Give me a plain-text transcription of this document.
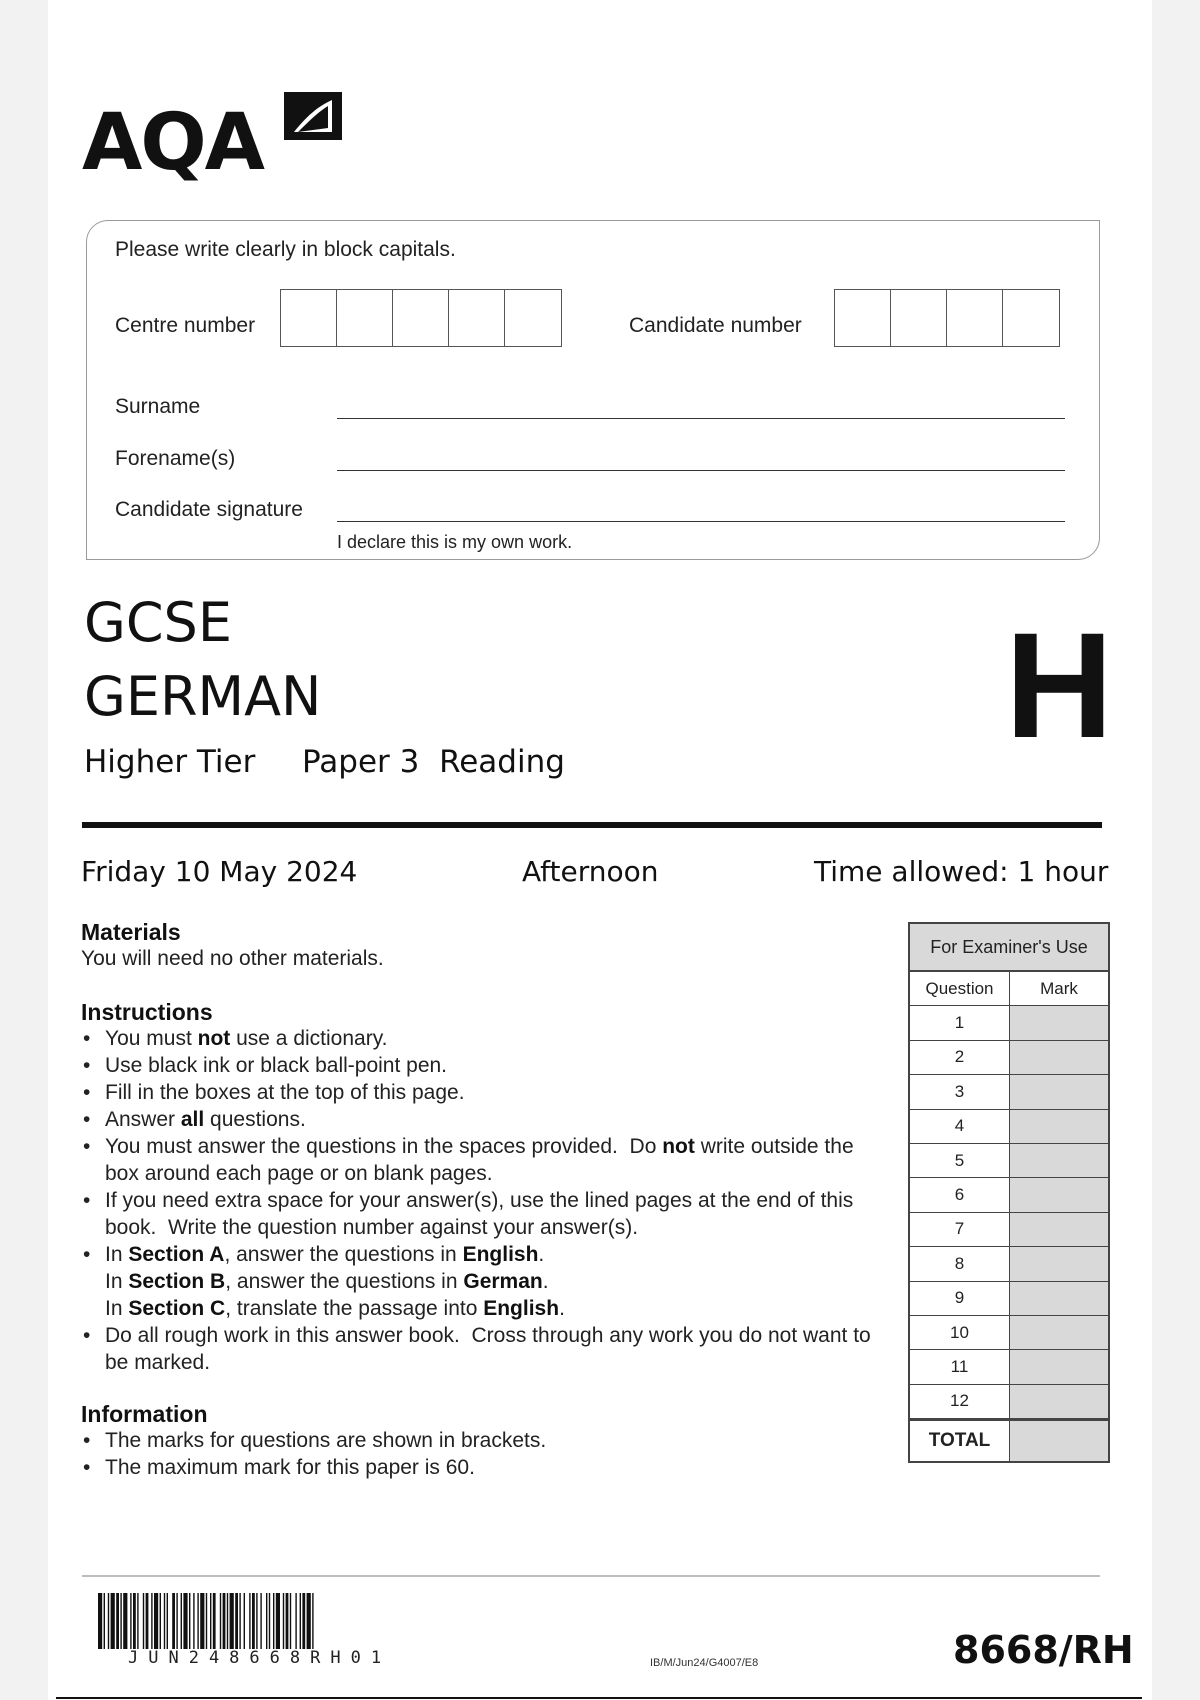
AQA
Please write clearly in block capitals.
Centre number	Candidate number
Surname
Forename(s)
Candidate signature
I declare this is my own work.
GCSE
GERMAN
Higher Tier Paper 3  Reading	H
Friday 10 May 2024	Afternoon	Time allowed: 1 hour
Materials
You will need no other materials.
Instructions
• You must not use a dictionary.
• Use black ink or black ball-point pen.
• Fill in the boxes at the top of this page.
• Answer all questions.
• You must answer the questions in the spaces provided.  Do not write outside the box around each page or on blank pages.
• If you need extra space for your answer(s), use the lined pages at the end of this book.  Write the question number against your answer(s).
• In Section A, answer the questions in English.
In Section B, answer the questions in German.
In Section C, translate the passage into English.
• Do all rough work in this answer book.  Cross through any work you do not want to be marked.
Information
• The marks for questions are shown in brackets.
• The maximum mark for this paper is 60.
For Examiner's Use
Question	Mark
1
2
3
4
5
6
7
8
9
10
11
12
TOTAL
JUN248668RH01	IB/M/Jun24/G4007/E8	8668/RH
